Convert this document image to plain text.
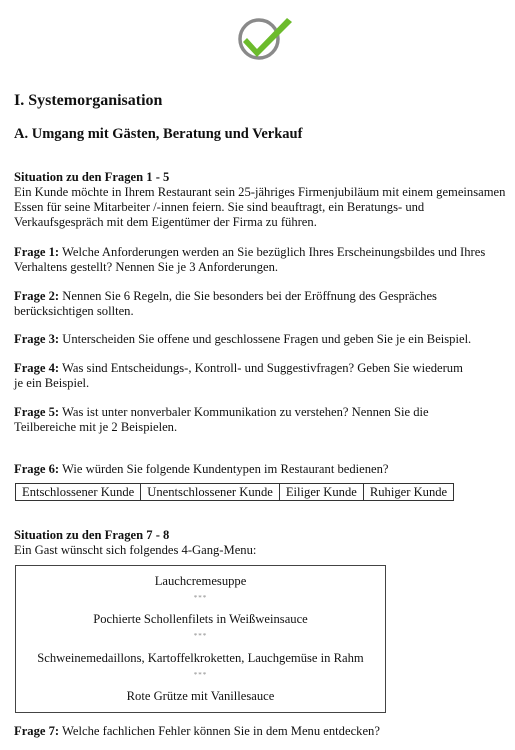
I. Systemorganisation
A. Umgang mit Gästen, Beratung und Verkauf
Situation zu den Fragen 1 - 5
Ein Kunde möchte in Ihrem Restaurant sein 25-jähriges Firmenjubiläum mit einem gemeinsamen
Essen für seine Mitarbeiter /-innen feiern. Sie sind beauftragt, ein Beratungs- und
Verkaufsgespräch mit dem Eigentümer der Firma zu führen.
Frage 1: Welche Anforderungen werden an Sie bezüglich Ihres Erscheinungsbildes und Ihres
Verhaltens gestellt? Nennen Sie je 3 Anforderungen.
Frage 2: Nennen Sie 6 Regeln, die Sie besonders bei der Eröffnung des Gespräches
berücksichtigen sollten.
Frage 3: Unterscheiden Sie offene und geschlossene Fragen und geben Sie je ein Beispiel.
Frage 4: Was sind Entscheidungs-, Kontroll- und Suggestivfragen? Geben Sie wiederum
je ein Beispiel.
Frage 5: Was ist unter nonverbaler Kommunikation zu verstehen? Nennen Sie die
Teilbereiche mit je 2 Beispielen.
Frage 6: Wie würden Sie folgende Kundentypen im Restaurant bedienen?
Entschlossener Kunde	Unentschlossener Kunde	Eiliger Kunde	Ruhiger Kunde
Situation zu den Fragen 7 - 8
Ein Gast wünscht sich folgendes 4-Gang-Menu:
Lauchcremesuppe
***
Pochierte Schollenfilets in Weißweinsauce
***
Schweinemedaillons, Kartoffelkroketten, Lauchgemüse in Rahm
***
Rote Grütze mit Vanillesauce
Frage 7: Welche fachlichen Fehler können Sie in dem Menu entdecken?
